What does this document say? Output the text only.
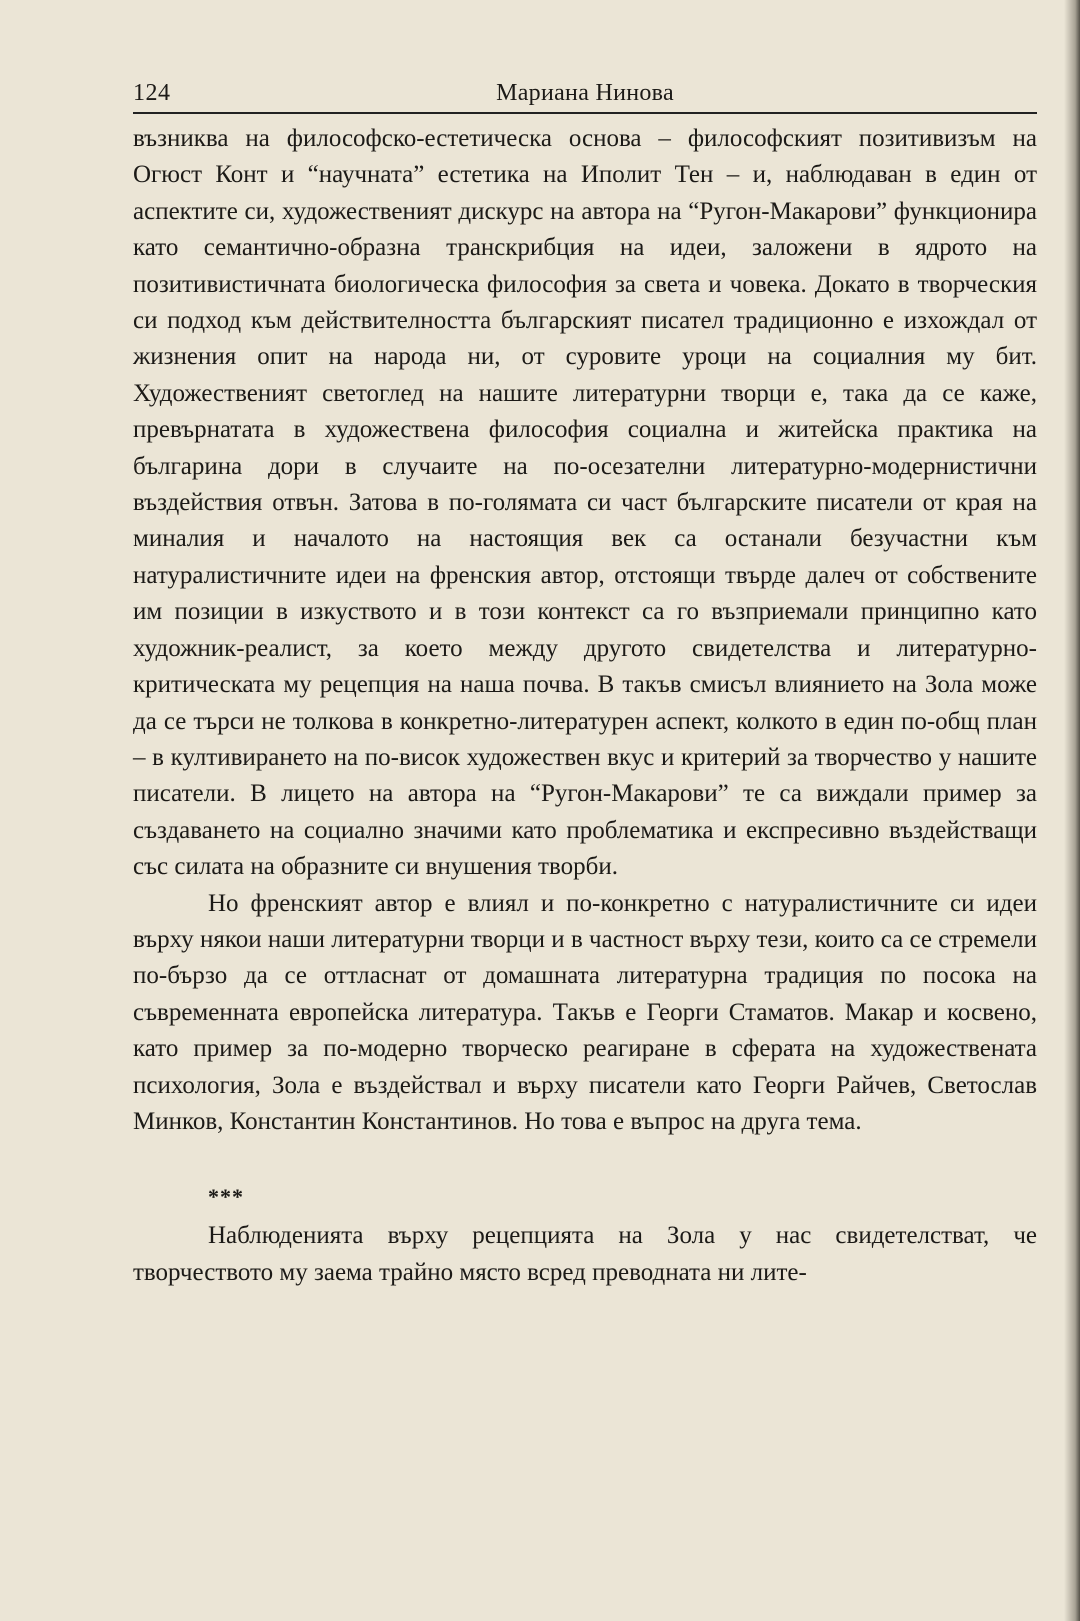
124	Мариана Нинова

възниква на философско-естетическа основа – философският позитивизъм на Огюст Конт и “научната” естетика на Иполит Тен – и, наблюдаван в един от аспектите си, художественият дискурс на автора на “Ругон-Макарови” функционира като семантично-образна транскрибция на идеи, заложени в ядрото на позитивистичната биологическа философия за света и човека. Докато в творческия си подход към действителността българският писател традиционно е изхождал от жизнения опит на народа ни, от суровите уроци на социалния му бит. Художественият светоглед на нашите литературни творци е, така да се каже, превърнатата в художествена философия социална и житейска практика на българина дори в случаите на по-осезателни литературно-модернистични въздействия отвън. Затова в по-голямата си част българските писатели от края на миналия и началото на настоящия век са останали безучастни към натуралистичните идеи на френския автор, отстоящи твърде далеч от собствените им позиции в изкуството и в този контекст са го възприемали принципно като художник-реалист, за което между другото свидетелства и литературно-критическата му рецепция на наша почва. В такъв смисъл влиянието на Зола може да се търси не толкова в конкретно-литературен аспект, колкото в един по-общ план – в култивирането на по-висок художествен вкус и критерий за творчество у нашите писатели. В лицето на автора на “Ругон-Макарови” те са виждали пример за създаването на социално значими като проблематика и експресивно въздействащи със силата на образните си внушения творби.

Но френският автор е влиял и по-конкретно с натуралистичните си идеи върху някои наши литературни творци и в частност върху тези, които са се стремели по-бързо да се оттласнат от домашната литературна традиция по посока на съвременната европейска литература. Такъв е Георги Стаматов. Макар и косвено, като пример за по-модерно творческо реагиране в сферата на художествената психология, Зола е въздействал и върху писатели като Георги Райчев, Светослав Минков, Константин Константинов. Но това е въпрос на друга тема.

***

Наблюденията върху рецепцията на Зола у нас свидетелстват, че творчеството му заема трайно място всред преводната ни лите-
